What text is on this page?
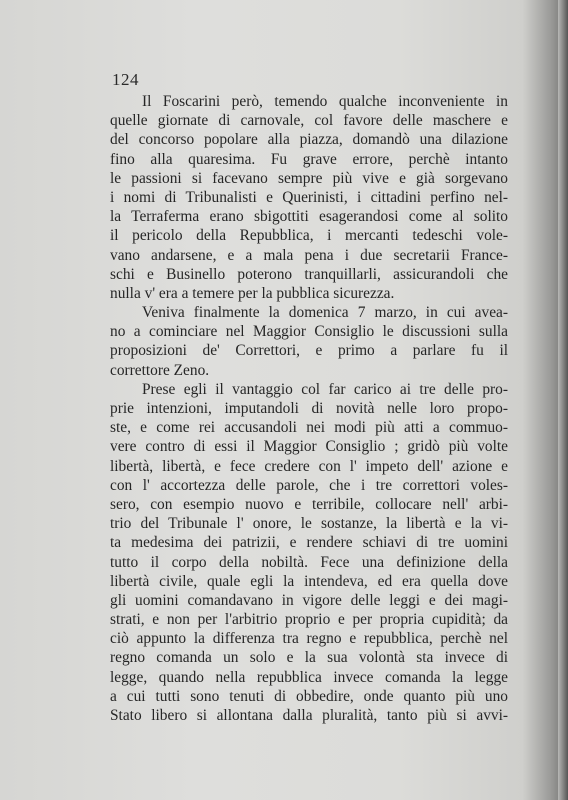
124
Il Foscarini però, temendo qualche inconveniente in
quelle giornate di carnovale, col favore delle maschere e
del concorso popolare alla piazza, domandò una dilazione
fino alla quaresima. Fu grave errore, perchè intanto
le passioni si facevano sempre più vive e già sorgevano
i nomi di Tribunalisti e Querinisti, i cittadini perfino nel-
la Terraferma erano sbigottiti esagerandosi come al solito
il pericolo della Repubblica, i mercanti tedeschi vole-
vano andarsene, e a mala pena i due secretarii France-
schi e Businello poterono tranquillarli, assicurandoli che
nulla v' era a temere per la pubblica sicurezza.
Veniva finalmente la domenica 7 marzo, in cui avea-
no a cominciare nel Maggior Consiglio le discussioni sulla
proposizioni de' Correttori, e primo a parlare fu il
correttore Zeno.
Prese egli il vantaggio col far carico ai tre delle pro-
prie intenzioni, imputandoli di novità nelle loro propo-
ste, e come rei accusandoli nei modi più atti a commuo-
vere contro di essi il Maggior Consiglio ; gridò più volte
libertà, libertà, e fece credere con l' impeto dell' azione e
con l' accortezza delle parole, che i tre correttori voles-
sero, con esempio nuovo e terribile, collocare nell' arbi-
trio del Tribunale l' onore, le sostanze, la libertà e la vi-
ta medesima dei patrizii, e rendere schiavi di tre uomini
tutto il corpo della nobiltà. Fece una definizione della
libertà civile, quale egli la intendeva, ed era quella dove
gli uomini comandavano in vigore delle leggi e dei magi-
strati, e non per l'arbitrio proprio e per propria cupidità; da
ciò appunto la differenza tra regno e repubblica, perchè nel
regno comanda un solo e la sua volontà sta invece di
legge, quando nella repubblica invece comanda la legge
a cui tutti sono tenuti di obbedire, onde quanto più uno
Stato libero si allontana dalla pluralità, tanto più si avvi-
